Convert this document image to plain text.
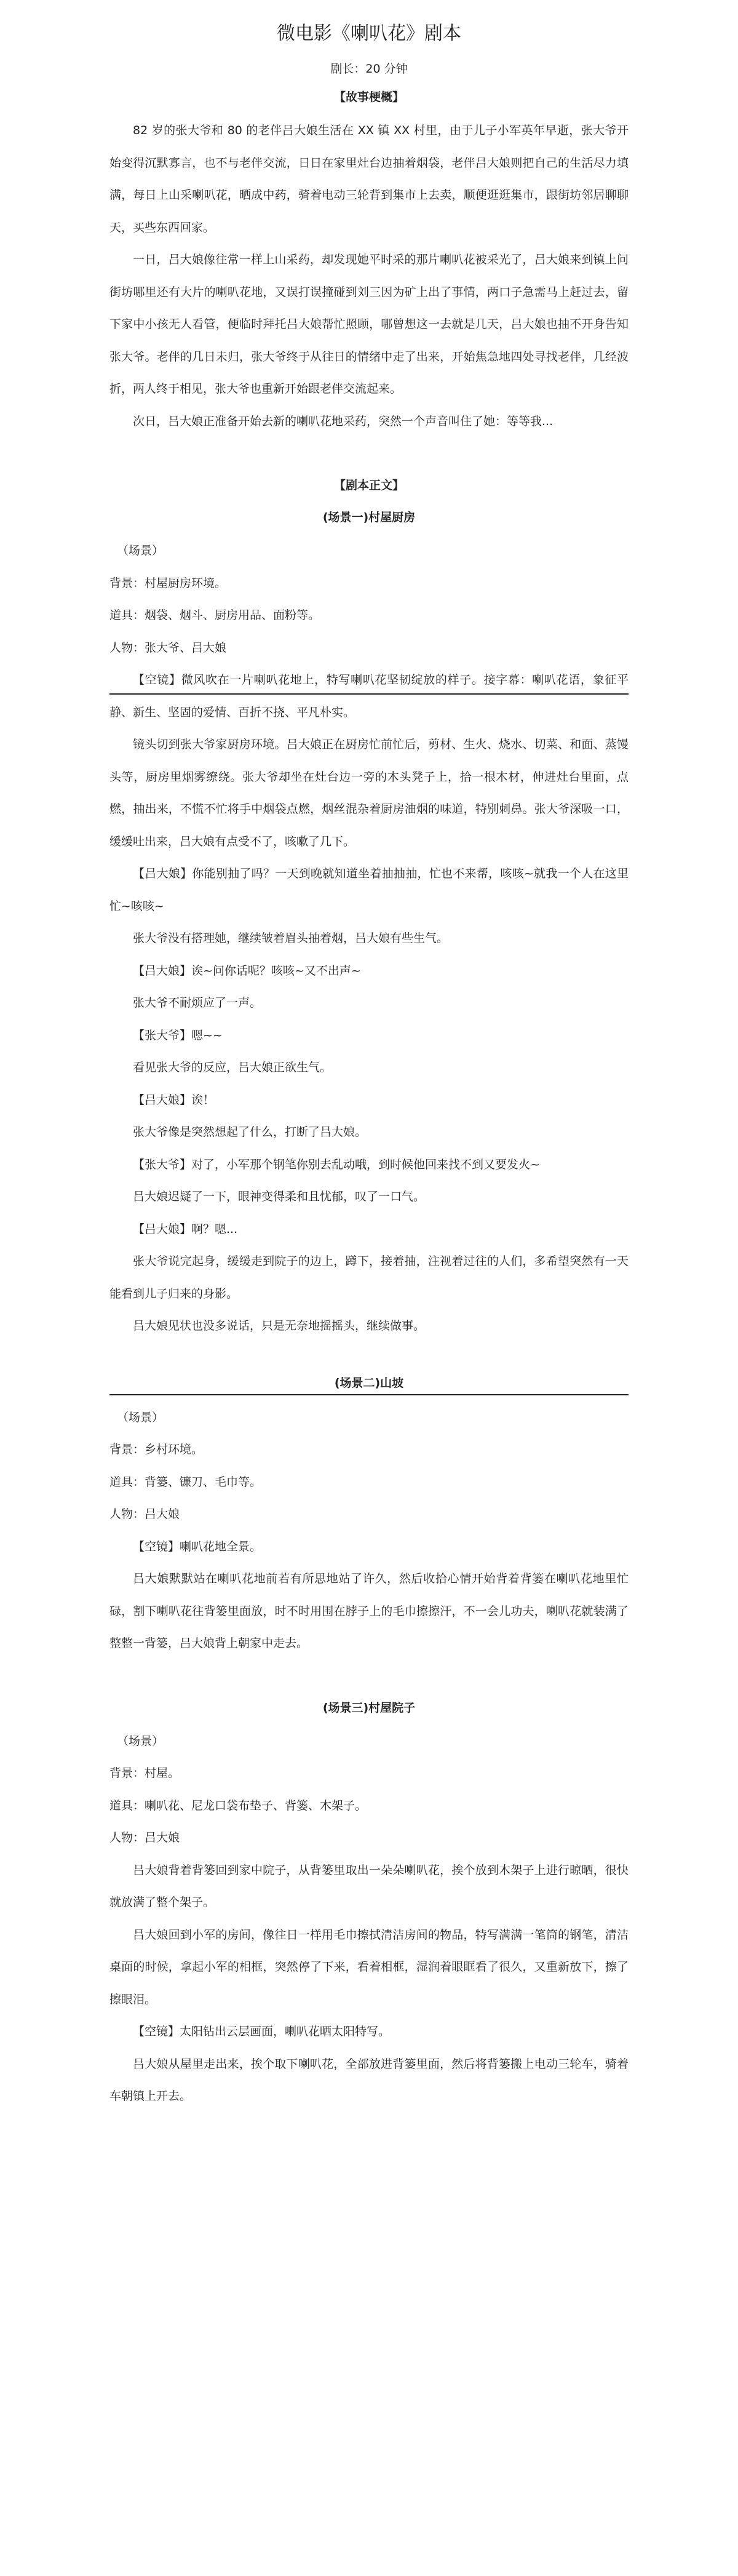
微电影《喇叭花》剧本
剧长：20 分钟
【故事梗概】

82 岁的张大爷和 80 的老伴吕大娘生活在 XX 镇 XX 村里，由于儿子小军英年早逝，张大爷开始变得沉默寡言，也不与老伴交流，日日在家里灶台边抽着烟袋，老伴吕大娘则把自己的生活尽力填满，每日上山采喇叭花，晒成中药，骑着电动三轮背到集市上去卖，顺便逛逛集市，跟街坊邻居聊聊天，买些东西回家。

一日，吕大娘像往常一样上山采药，却发现她平时采的那片喇叭花被采光了，吕大娘来到镇上问街坊哪里还有大片的喇叭花地，又误打误撞碰到刘三因为矿上出了事情，两口子急需马上赶过去，留下家中小孩无人看管，便临时拜托吕大娘帮忙照顾，哪曾想这一去就是几天，吕大娘也抽不开身告知张大爷。老伴的几日未归，张大爷终于从往日的情绪中走了出来，开始焦急地四处寻找老伴，几经波折，两人终于相见，张大爷也重新开始跟老伴交流起来。

次日，吕大娘正准备开始去新的喇叭花地采药，突然一个声音叫住了她：等等我...

【剧本正文】
(场景一)村屋厨房

（场景）

背景：村屋厨房环境。

道具：烟袋、烟斗、厨房用品、面粉等。

人物：张大爷、吕大娘

【空镜】微风吹在一片喇叭花地上，特写喇叭花坚韧绽放的样子。接字幕：喇叭花语，象征平静、新生、坚固的爱情、百折不挠、平凡朴实。

镜头切到张大爷家厨房环境。吕大娘正在厨房忙前忙后，剪材、生火、烧水、切菜、和面、蒸馒头等，厨房里烟雾缭绕。张大爷却坐在灶台边一旁的木头凳子上，拾一根木材，伸进灶台里面，点燃，抽出来，不慌不忙将手中烟袋点燃，烟丝混杂着厨房油烟的味道，特别刺鼻。张大爷深吸一口，缓缓吐出来，吕大娘有点受不了，咳嗽了几下。

【吕大娘】你能别抽了吗？一天到晚就知道坐着抽抽抽，忙也不来帮，咳咳~就我一个人在这里忙~咳咳~

张大爷没有搭理她，继续皱着眉头抽着烟，吕大娘有些生气。

【吕大娘】诶~问你话呢？咳咳~又不出声~

张大爷不耐烦应了一声。

【张大爷】嗯~~

看见张大爷的反应，吕大娘正欲生气。

【吕大娘】诶！

张大爷像是突然想起了什么，打断了吕大娘。

【张大爷】对了，小军那个钢笔你别去乱动哦，到时候他回来找不到又要发火~

吕大娘迟疑了一下，眼神变得柔和且忧郁，叹了一口气。

【吕大娘】啊？嗯...

张大爷说完起身，缓缓走到院子的边上，蹲下，接着抽，注视着过往的人们，多希望突然有一天能看到儿子归来的身影。

吕大娘见状也没多说话，只是无奈地摇摇头，继续做事。

(场景二)山坡

（场景）

背景：乡村环境。

道具：背篓、镰刀、毛巾等。

人物：吕大娘

【空镜】喇叭花地全景。

吕大娘默默站在喇叭花地前若有所思地站了许久，然后收拾心情开始背着背篓在喇叭花地里忙碌，割下喇叭花往背篓里面放，时不时用围在脖子上的毛巾擦擦汗，不一会儿功夫，喇叭花就装满了整整一背篓，吕大娘背上朝家中走去。

(场景三)村屋院子

（场景）

背景：村屋。

道具：喇叭花、尼龙口袋布垫子、背篓、木架子。

人物：吕大娘

吕大娘背着背篓回到家中院子，从背篓里取出一朵朵喇叭花，挨个放到木架子上进行晾晒，很快就放满了整个架子。

吕大娘回到小军的房间，像往日一样用毛巾擦拭清洁房间的物品，特写满满一笔筒的钢笔，清洁桌面的时候，拿起小军的相框，突然停了下来，看着相框，湿润着眼眶看了很久，又重新放下，擦了擦眼泪。

【空镜】太阳钻出云层画面，喇叭花晒太阳特写。

吕大娘从屋里走出来，挨个取下喇叭花，全部放进背篓里面，然后将背篓搬上电动三轮车，骑着车朝镇上开去。
